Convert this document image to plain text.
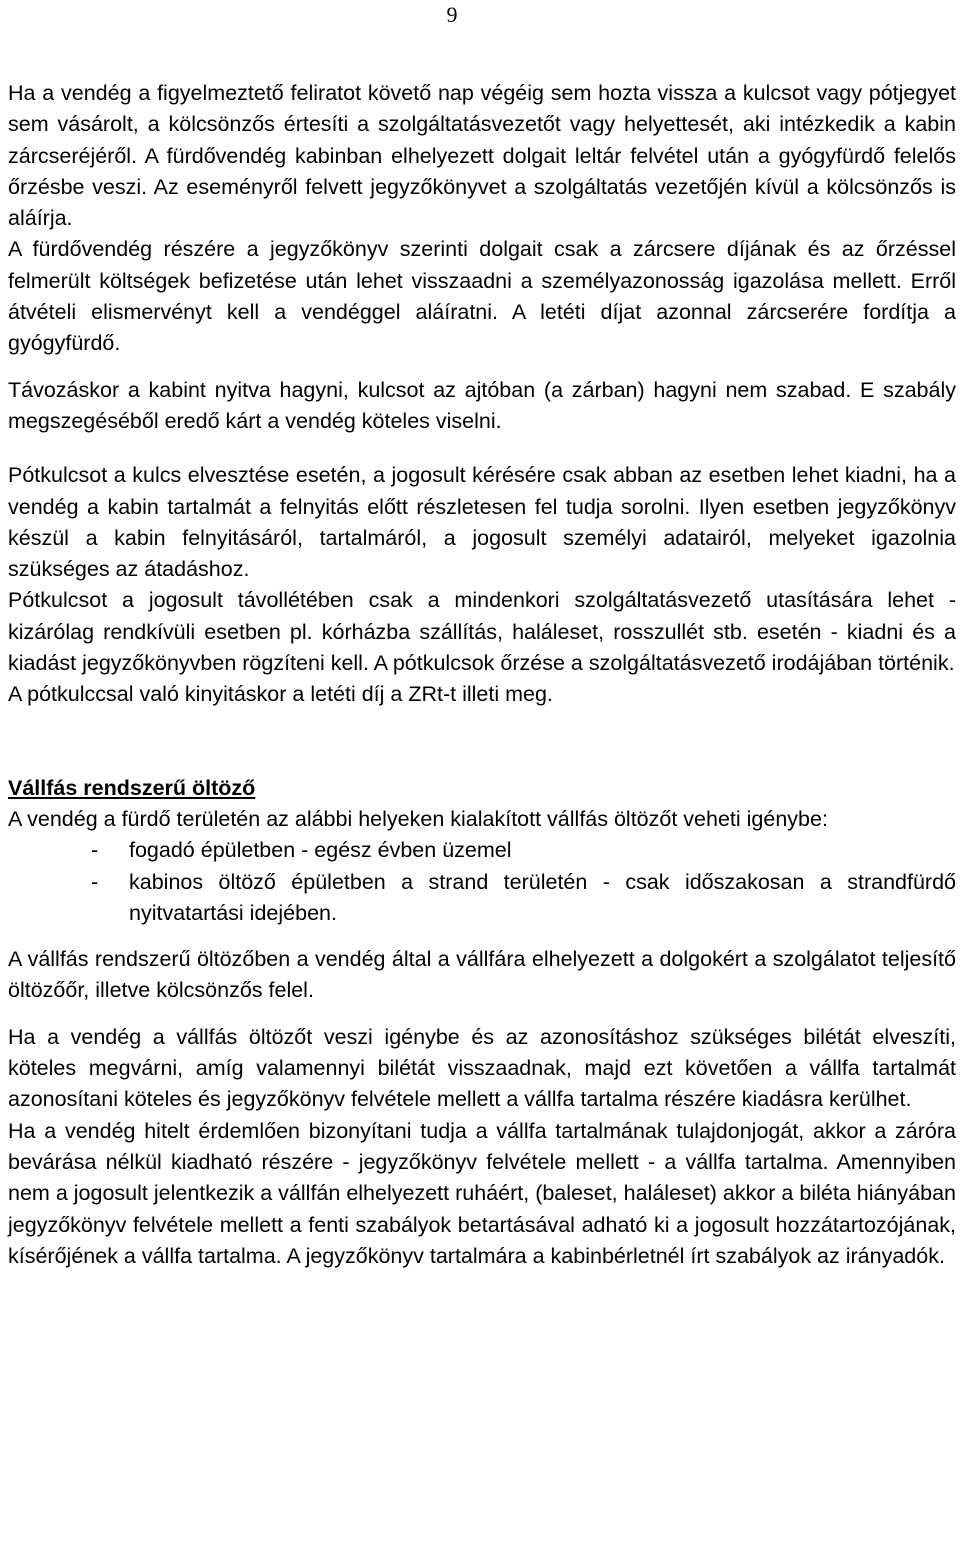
9

Ha a vendég a figyelmeztető feliratot követő nap végéig sem hozta vissza a kulcsot vagy pótjegyet sem vásárolt, a kölcsönzős értesíti a szolgáltatásvezetőt vagy helyettesét, aki intézkedik a kabin zárcseréjéről. A fürdővendég kabinban elhelyezett dolgait leltár felvétel után a gyógyfürdő felelős őrzésbe veszi. Az eseményről felvett jegyzőkönyvet a szolgáltatás vezetőjén kívül a kölcsönzős is aláírja.

A fürdővendég részére a jegyzőkönyv szerinti dolgait csak a zárcsere díjának és az őrzéssel felmerült költségek befizetése után lehet visszaadni a személyazonosság igazolása mellett. Erről átvételi elismervényt kell a vendéggel aláíratni. A letéti díjat azonnal zárcserére fordítja a gyógyfürdő.

Távozáskor a kabint nyitva hagyni, kulcsot az ajtóban (a zárban) hagyni nem szabad. E szabály megszegéséből eredő kárt a vendég köteles viselni.

Pótkulcsot a kulcs elvesztése esetén, a jogosult kérésére csak abban az esetben lehet kiadni, ha a vendég a kabin tartalmát a felnyitás előtt részletesen fel tudja sorolni. Ilyen esetben jegyzőkönyv készül a kabin felnyitásáról, tartalmáról, a jogosult személyi adatairól, melyeket igazolnia szükséges az átadáshoz.

Pótkulcsot a jogosult távollétében csak a mindenkori szolgáltatásvezető utasítására lehet - kizárólag rendkívüli esetben pl. kórházba szállítás, haláleset, rosszullét stb. esetén - kiadni és a kiadást jegyzőkönyvben rögzíteni kell. A pótkulcsok őrzése a szolgáltatásvezető irodájában történik.

A pótkulccsal való kinyitáskor a letéti díj a ZRt-t illeti meg.

Vállfás rendszerű öltöző

A vendég a fürdő területén az alábbi helyeken kialakított vállfás öltözőt veheti igénybe:

- fogadó épületben - egész évben üzemel
- kabinos öltöző épületben a strand területén - csak időszakosan a strandfürdő nyitvatartási idejében.

A vállfás rendszerű öltözőben a vendég által a vállfára elhelyezett a dolgokért a szolgálatot teljesítő öltözőőr, illetve kölcsönzős felel.

Ha a vendég a vállfás öltözőt veszi igénybe és az azonosításhoz szükséges bilétát elveszíti, köteles megvárni, amíg valamennyi bilétát visszaadnak, majd ezt követően a vállfa tartalmát azonosítani köteles és jegyzőkönyv felvétele mellett a vállfa tartalma részére kiadásra kerülhet.

Ha a vendég hitelt érdemlően bizonyítani tudja a vállfa tartalmának tulajdonjogát, akkor a záróra bevárása nélkül kiadható részére - jegyzőkönyv felvétele mellett - a vállfa tartalma. Amennyiben nem a jogosult jelentkezik a vállfán elhelyezett ruháért, (baleset, haláleset) akkor a biléta hiányában jegyzőkönyv felvétele mellett a fenti szabályok betartásával adható ki a jogosult hozzátartozójának, kísérőjének a vállfa tartalma. A jegyzőkönyv tartalmára a kabinbérletnél írt szabályok az irányadók.
